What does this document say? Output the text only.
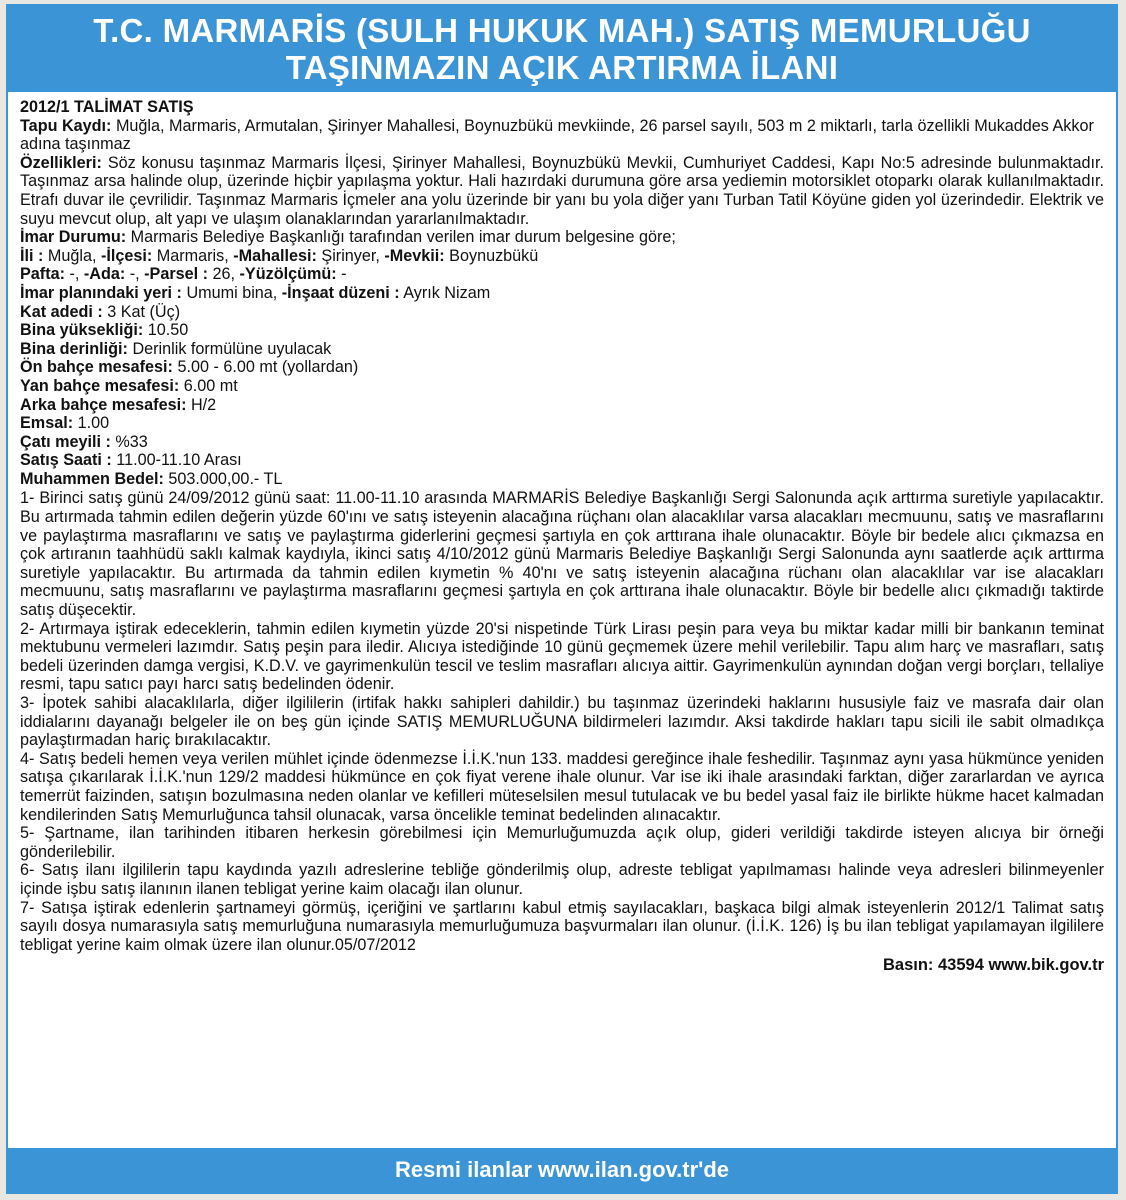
T.C. MARMARİS (SULH HUKUK MAH.) SATIŞ MEMURLUĞU
TAŞINMAZIN AÇIK ARTIRMA İLANI

2012/1 TALİMAT SATIŞ

Tapu Kaydı: Muğla, Marmaris, Armutalan, Şirinyer Mahallesi, Boynuzbükü mevkiinde, 26 parsel sayılı, 503 m 2 miktarlı, tarla özellikli Mukaddes Akkor adına taşınmaz

Özellikleri: Söz konusu taşınmaz Marmaris İlçesi, Şirinyer Mahallesi, Boynuzbükü Mevkii, Cumhuriyet Caddesi, Kapı No:5 adresinde bulunmaktadır. Taşınmaz arsa halinde olup, üzerinde hiçbir yapılaşma yoktur. Hali hazırdaki durumuna göre arsa yediemin motorsiklet otoparkı olarak kullanılmaktadır. Etrafı duvar ile çevrilidir. Taşınmaz Marmaris İçmeler ana yolu üzerinde bir yanı bu yola diğer yanı Turban Tatil Köyüne giden yol üzerindedir. Elektrik ve suyu mevcut olup, alt yapı ve ulaşım olanaklarından yararlanılmaktadır.

İmar Durumu: Marmaris Belediye Başkanlığı tarafından verilen imar durum belgesine göre;

İli : Muğla, -İlçesi: Marmaris, -Mahallesi: Şirinyer, -Mevkii: Boynuzbükü

Pafta: -, -Ada: -, -Parsel : 26, -Yüzölçümü: -

İmar planındaki yeri : Umumi bina, -İnşaat düzeni : Ayrık Nizam

Kat adedi : 3 Kat (Üç)

Bina yüksekliği: 10.50

Bina derinliği: Derinlik formülüne uyulacak

Ön bahçe mesafesi: 5.00 - 6.00 mt (yollardan)

Yan bahçe mesafesi: 6.00 mt

Arka bahçe mesafesi: H/2

Emsal: 1.00

Çatı meyili : %33

Satış Saati : 11.00-11.10 Arası

Muhammen Bedel: 503.000,00.- TL

1- Birinci satış günü 24/09/2012 günü saat: 11.00-11.10 arasında MARMARİS Belediye Başkanlığı Sergi Salonunda açık arttırma suretiyle yapılacaktır. Bu artırmada tahmin edilen değerin yüzde 60'ını ve satış isteyenin alacağına rüçhanı olan alacaklılar varsa alacakları mecmuunu, satış ve masraflarını ve paylaştırma masraflarını ve satış ve paylaştırma giderlerini geçmesi şartıyla en çok arttırana ihale olunacaktır. Böyle bir bedele alıcı çıkmazsa en çok artıranın taahhüdü saklı kalmak kaydıyla, ikinci satış 4/10/2012 günü Marmaris Belediye Başkanlığı Sergi Salonunda aynı saatlerde açık arttırma suretiyle yapılacaktır. Bu artırmada da tahmin edilen kıymetin % 40'nı ve satış isteyenin alacağına rüchanı olan alacaklılar var ise alacakları mecmuunu, satış masraflarını ve paylaştırma masraflarını geçmesi şartıyla en çok arttırana ihale olunacaktır. Böyle bir bedelle alıcı çıkmadığı taktirde satış düşecektir.

2- Artırmaya iştirak edeceklerin, tahmin edilen kıymetin yüzde 20'si nispetinde Türk Lirası peşin para veya bu miktar kadar milli bir bankanın teminat mektubunu vermeleri lazımdır. Satış peşin para iledir. Alıcıya istediğinde 10 günü geçmemek üzere mehil verilebilir. Tapu alım harç ve masrafları, satış bedeli üzerinden damga vergisi, K.D.V. ve gayrimenkulün tescil ve teslim masrafları alıcıya aittir. Gayrimenkulün aynından doğan vergi borçları, tellaliye resmi, tapu satıcı payı harcı satış bedelinden ödenir.

3- İpotek sahibi alacaklılarla, diğer ilgililerin (irtifak hakkı sahipleri dahildir.) bu taşınmaz üzerindeki haklarını hususiyle faiz ve masrafa dair olan iddialarını dayanağı belgeler ile on beş gün içinde SATIŞ MEMURLUĞUNA bildirmeleri lazımdır. Aksi takdirde hakları tapu sicili ile sabit olmadıkça paylaştırmadan hariç bırakılacaktır.

4- Satış bedeli hemen veya verilen mühlet içinde ödenmezse İ.İ.K.'nun 133. maddesi gereğince ihale feshedilir. Taşınmaz aynı yasa hükmünce yeniden satışa çıkarılarak İ.İ.K.'nun 129/2 maddesi hükmünce en çok fiyat verene ihale olunur. Var ise iki ihale arasındaki farktan, diğer zararlardan ve ayrıca temerrüt faizinden, satışın bozulmasına neden olanlar ve kefilleri müteselsilen mesul tutulacak ve bu bedel yasal faiz ile birlikte hükme hacet kalmadan kendilerinden Satış Memurluğunca tahsil olunacak, varsa öncelikle teminat bedelinden alınacaktır.

5- Şartname, ilan tarihinden itibaren herkesin görebilmesi için Memurluğumuzda açık olup, gideri verildiği takdirde isteyen alıcıya bir örneği gönderilebilir.

6- Satış ilanı ilgililerin tapu kaydında yazılı adreslerine tebliğe gönderilmiş olup, adreste tebligat yapılmaması halinde veya adresleri bilinmeyenler içinde işbu satış ilanının ilanen tebligat yerine kaim olacağı ilan olunur.

7- Satışa iştirak edenlerin şartnameyi görmüş, içeriğini ve şartlarını kabul etmiş sayılacakları, başkaca bilgi almak isteyenlerin 2012/1 Talimat satış sayılı dosya numarasıyla satış memurluğuna numarasıyla memurluğumuza başvurmaları ilan olunur. (İ.İ.K. 126) İş bu ilan tebligat yapılamayan ilgililere tebligat yerine kaim olmak üzere ilan olunur.05/07/2012

Basın: 43594 www.bik.gov.tr
Resmi ilanlar www.ilan.gov.tr'de
